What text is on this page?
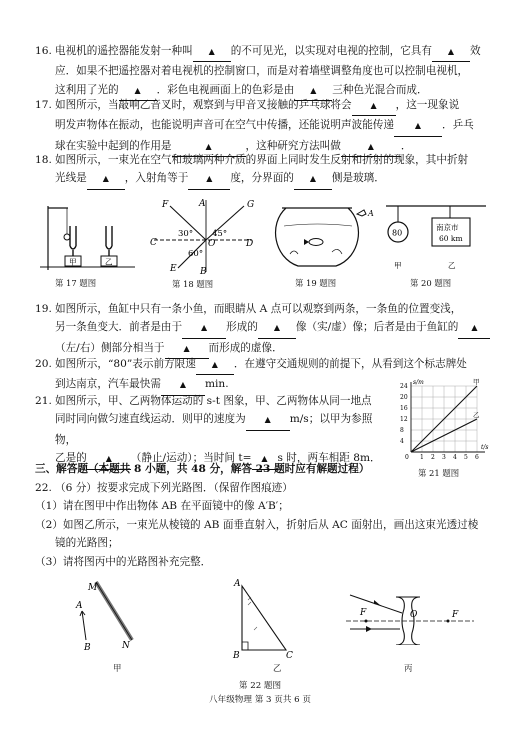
16. 电视机的遥控器能发射一种叫 ▲ 的不可见光，以实现对电视的控制，它具有 ▲ 效
应．如果不把遥控器对着电视机的控制窗口，而是对着墙壁调整角度也可以控制电视机，
这利用了光的 ▲ ．彩色电视画面上的色彩是由 ▲ 三种色光混合而成．
17. 如图所示，当敲响乙音叉时，观察到与甲音叉接触的乒乓球将会 ▲ ，这一现象说
明发声物体在振动，也能说明声音可在空气中传播，还能说明声波能传递	▲ ．乒乓
球在实验中起到的作用是	▲	，这种研究方法叫做	▲	．
18. 如图所示，一束光在空气和玻璃两种介质的界面上同时发生反射和折射的现象，其中折射
光线是 ▲ ，入射角等于 ▲ 度，分界面的 ▲ 侧是玻璃．
甲	乙
第 17 题图
F	A	G
C	D
O
E	B
30° 45°
60°
第 18 题图
A
第 19 题图
80
南京市
60 km
甲	乙
第 20 题图
19. 如图所示，鱼缸中只有一条小鱼，而眼睛从 A 点可以观察到两条，一条鱼的位置变浅，
另一条鱼变大．前者是由于 ▲ 形成的 ▲ 像（实/虚）像；后者是由于鱼缸的 ▲
（左/右）侧部分相当于 ▲ 而形成的虚像．
20. 如图所示，“80”表示前方限速 ▲ ．在遵守交通规则的前提下，从看到这个标志牌处
到达南京，汽车最快需 ▲ min.
21. 如图所示，甲、乙两物体运动的 s-t 图象，甲、乙两物体从同一地点
同时同向做匀速直线运动．则甲的速度为 ▲ m/s；以甲为参照物，
乙是的 ▲ （静止/运动）；当时间 t= ▲ s 时，两车相距 8m．	1 2 3 4 5 6
4
8
12
16
20
24
0
s/m
t/s
甲
乙
第 21 题图
三、解答题（本题共 8 小题，共 48 分，解答 23 题时应有解题过程）
22. （6 分）按要求完成下列光路图．（保留作图痕迹）
（1）请在图甲中作出物体 AB 在平面镜中的像 A′B′；
（2）如图乙所示，一束光从棱镜的 AB 面垂直射入，折射后从 AC 面射出，画出这束光透过棱
镜的光路图；
（3）请将图丙中的光路图补充完整．
M
A
B	N
甲
A
B	C
乙
F	O	F
丙
第 22 题图
八年级物理 第 3 页共 6 页
